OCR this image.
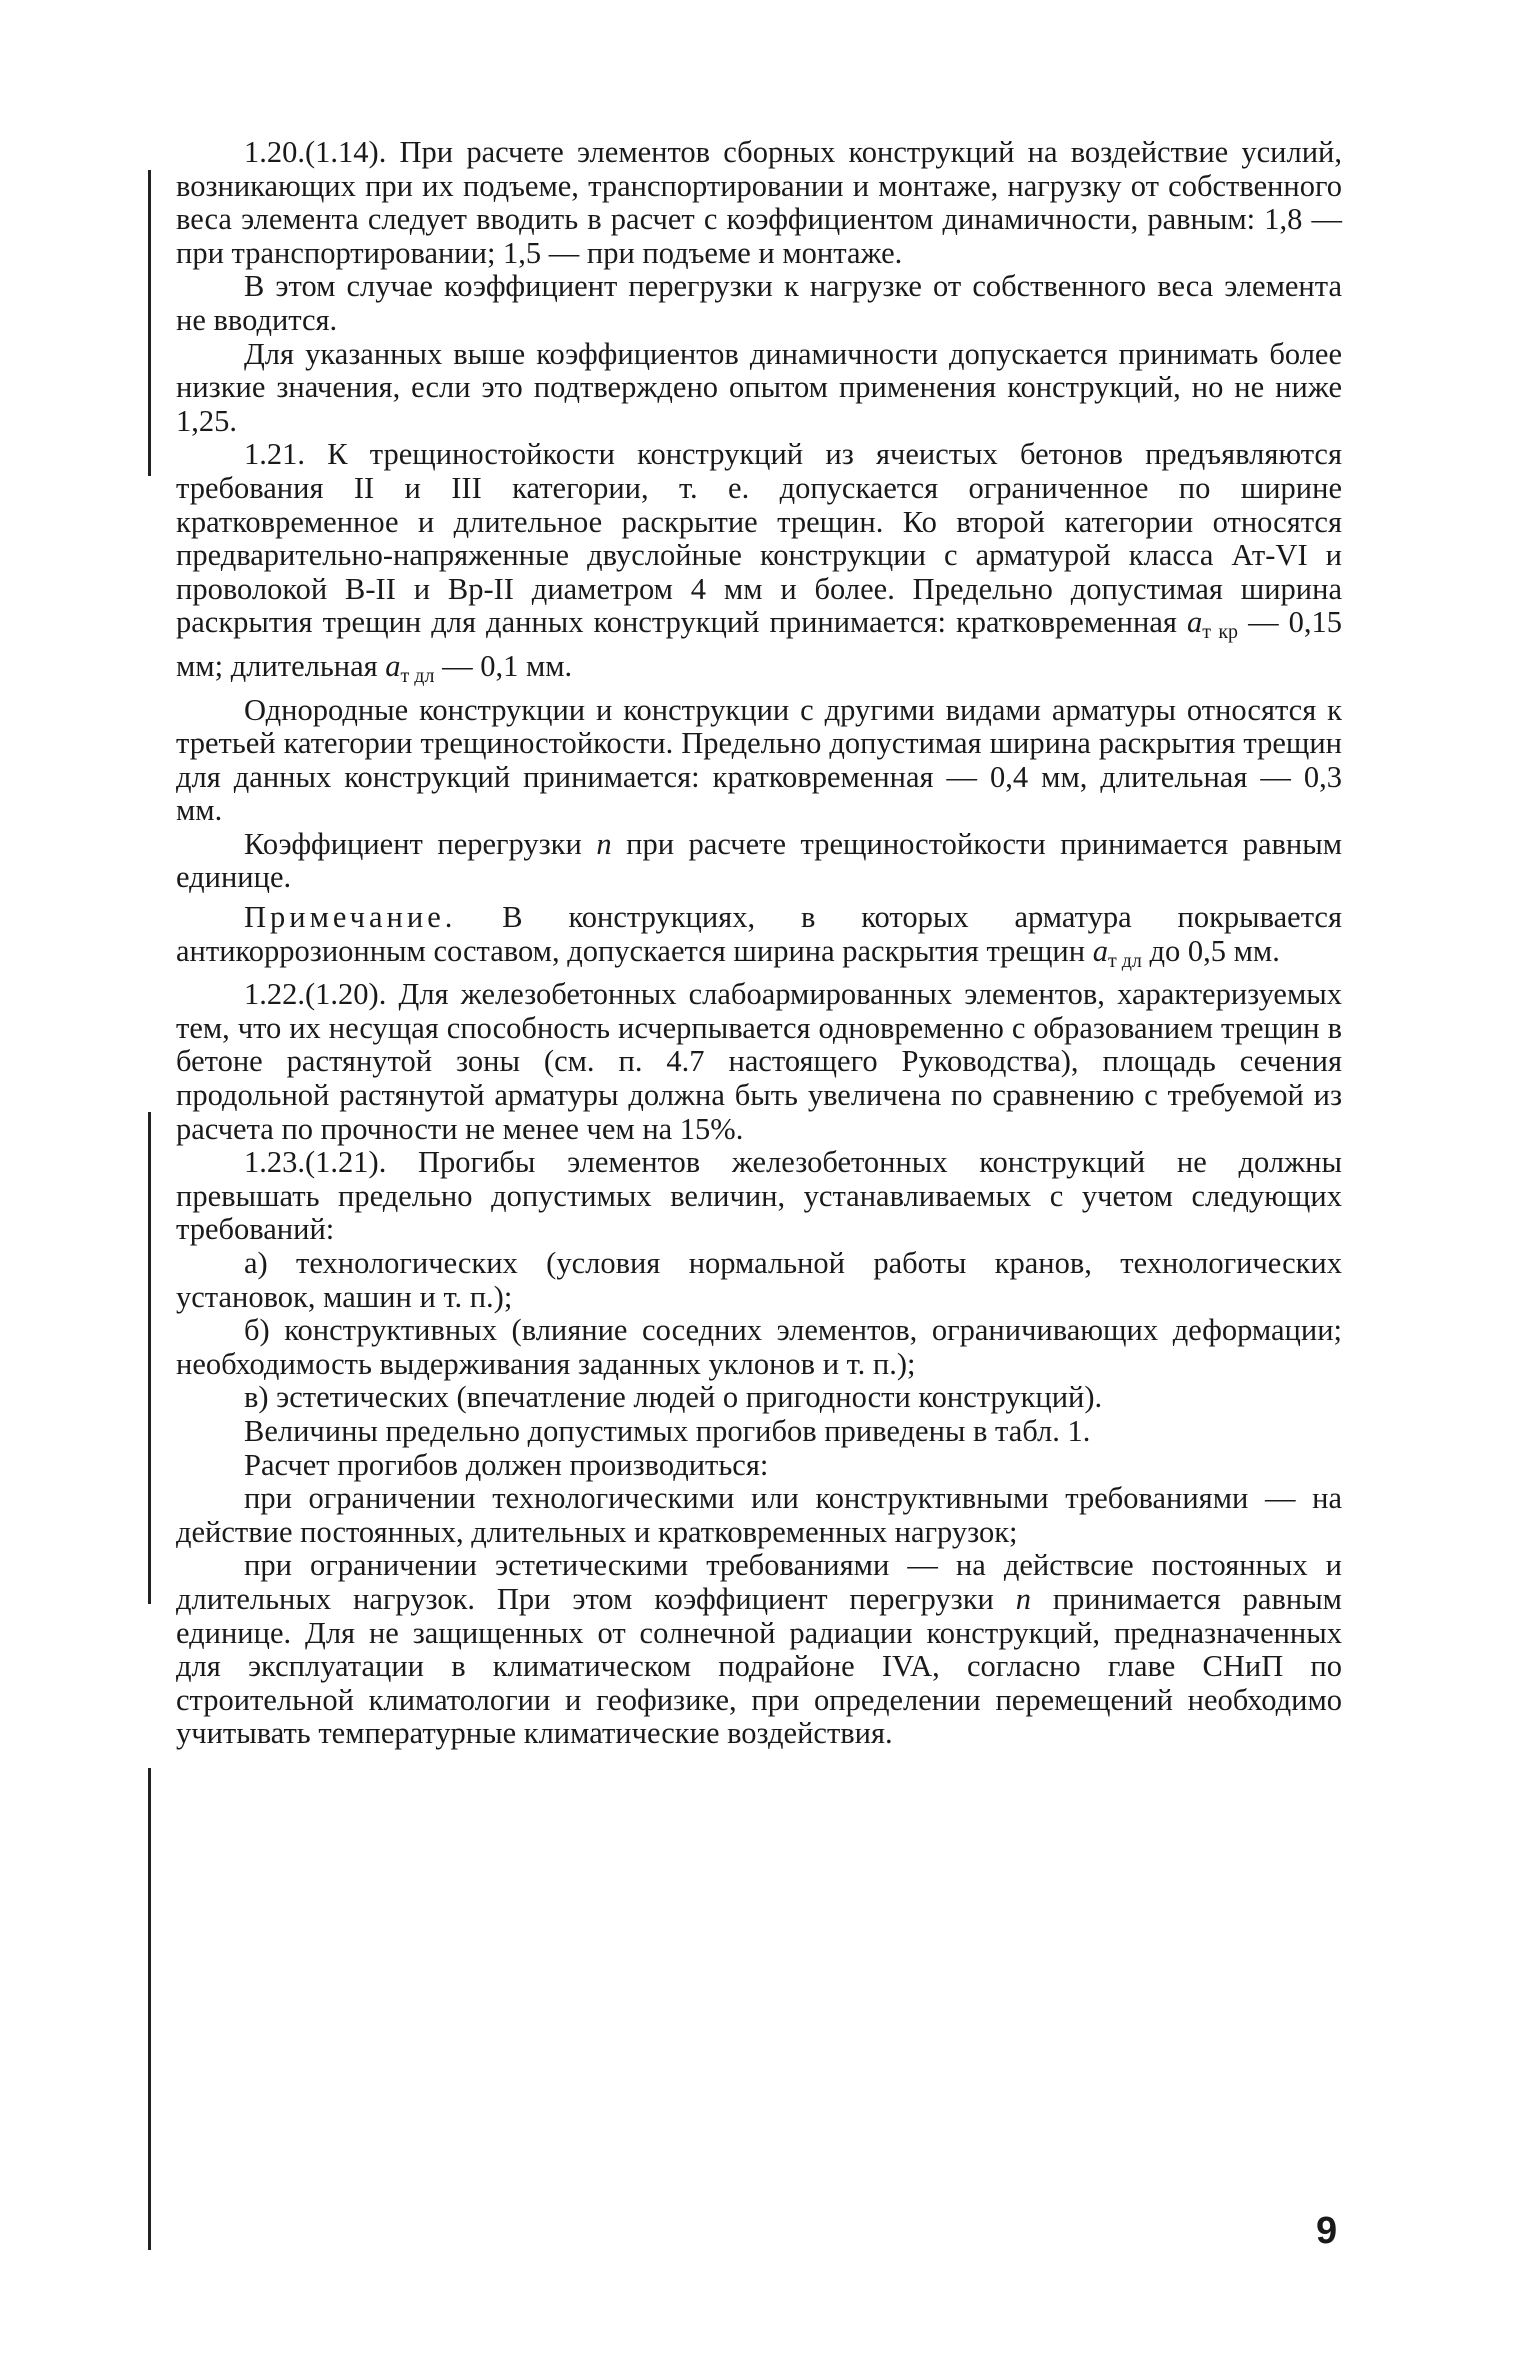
1.20.(1.14). При расчете элементов сборных конструкций на воздействие усилий, возникающих при их подъеме, транспортировании и монтаже, нагрузку от собственного веса элемента следует вводить в расчет с коэффициентом динамичности, равным: 1,8 — при транспортировании; 1,5 — при подъеме и монтаже.

В этом случае коэффициент перегрузки к нагрузке от собственного веса элемента не вводится.

Для указанных выше коэффициентов динамичности допускается принимать более низкие значения, если это подтверждено опытом применения конструкций, но не ниже 1,25.

1.21. К трещиностойкости конструкций из ячеистых бетонов предъявляются требования II и III категории, т. е. допускается ограниченное по ширине кратковременное и длительное раскрытие трещин. Ко второй категории относятся предварительно-напряженные двуслойные конструкции с арматурой класса Ат-VI и проволокой В-II и Вр-II диаметром 4 мм и более. Предельно допустимая ширина раскрытия трещин для данных конструкций принимается: кратковременная $a_{т кр}$ — 0,15 мм; длительная $a_{т дл}$ — 0,1 мм.

Однородные конструкции и конструкции с другими видами арматуры относятся к третьей категории трещиностойкости. Предельно допустимая ширина раскрытия трещин для данных конструкций принимается: кратковременная — 0,4 мм, длительная — 0,3 мм.

Коэффициент перегрузки n при расчете трещиностойкости принимается равным единице.

Примечание. В конструкциях, в которых арматура покрывается антикоррозионным составом, допускается ширина раскрытия трещин $a_{т дл}$ до 0,5 мм.

1.22.(1.20). Для железобетонных слабоармированных элементов, характеризуемых тем, что их несущая способность исчерпывается одновременно с образованием трещин в бетоне растянутой зоны (см. п. 4.7 настоящего Руководства), площадь сечения продольной растянутой арматуры должна быть увеличена по сравнению с требуемой из расчета по прочности не менее чем на 15%.

1.23.(1.21). Прогибы элементов железобетонных конструкций не должны превышать предельно допустимых величин, устанавливаемых с учетом следующих требований:

а) технологических (условия нормальной работы кранов, технологических установок, машин и т. п.);

б) конструктивных (влияние соседних элементов, ограничивающих деформации; необходимость выдерживания заданных уклонов и т. п.);

в) эстетических (впечатление людей о пригодности конструкций).

Величины предельно допустимых прогибов приведены в табл. 1.

Расчет прогибов должен производиться:

при ограничении технологическими или конструктивными требованиями — на действие постоянных, длительных и кратковременных нагрузок;

при ограничении эстетическими требованиями — на действсие постоянных и длительных нагрузок. При этом коэффициент перегрузки n принимается равным единице. Для не защищенных от солнечной радиации конструкций, предназначенных для эксплуатации в климатическом подрайоне IVA, согласно главе СНиП по строительной климатологии и геофизике, при определении перемещений необходимо учитывать температурные климатические воздействия.

9
